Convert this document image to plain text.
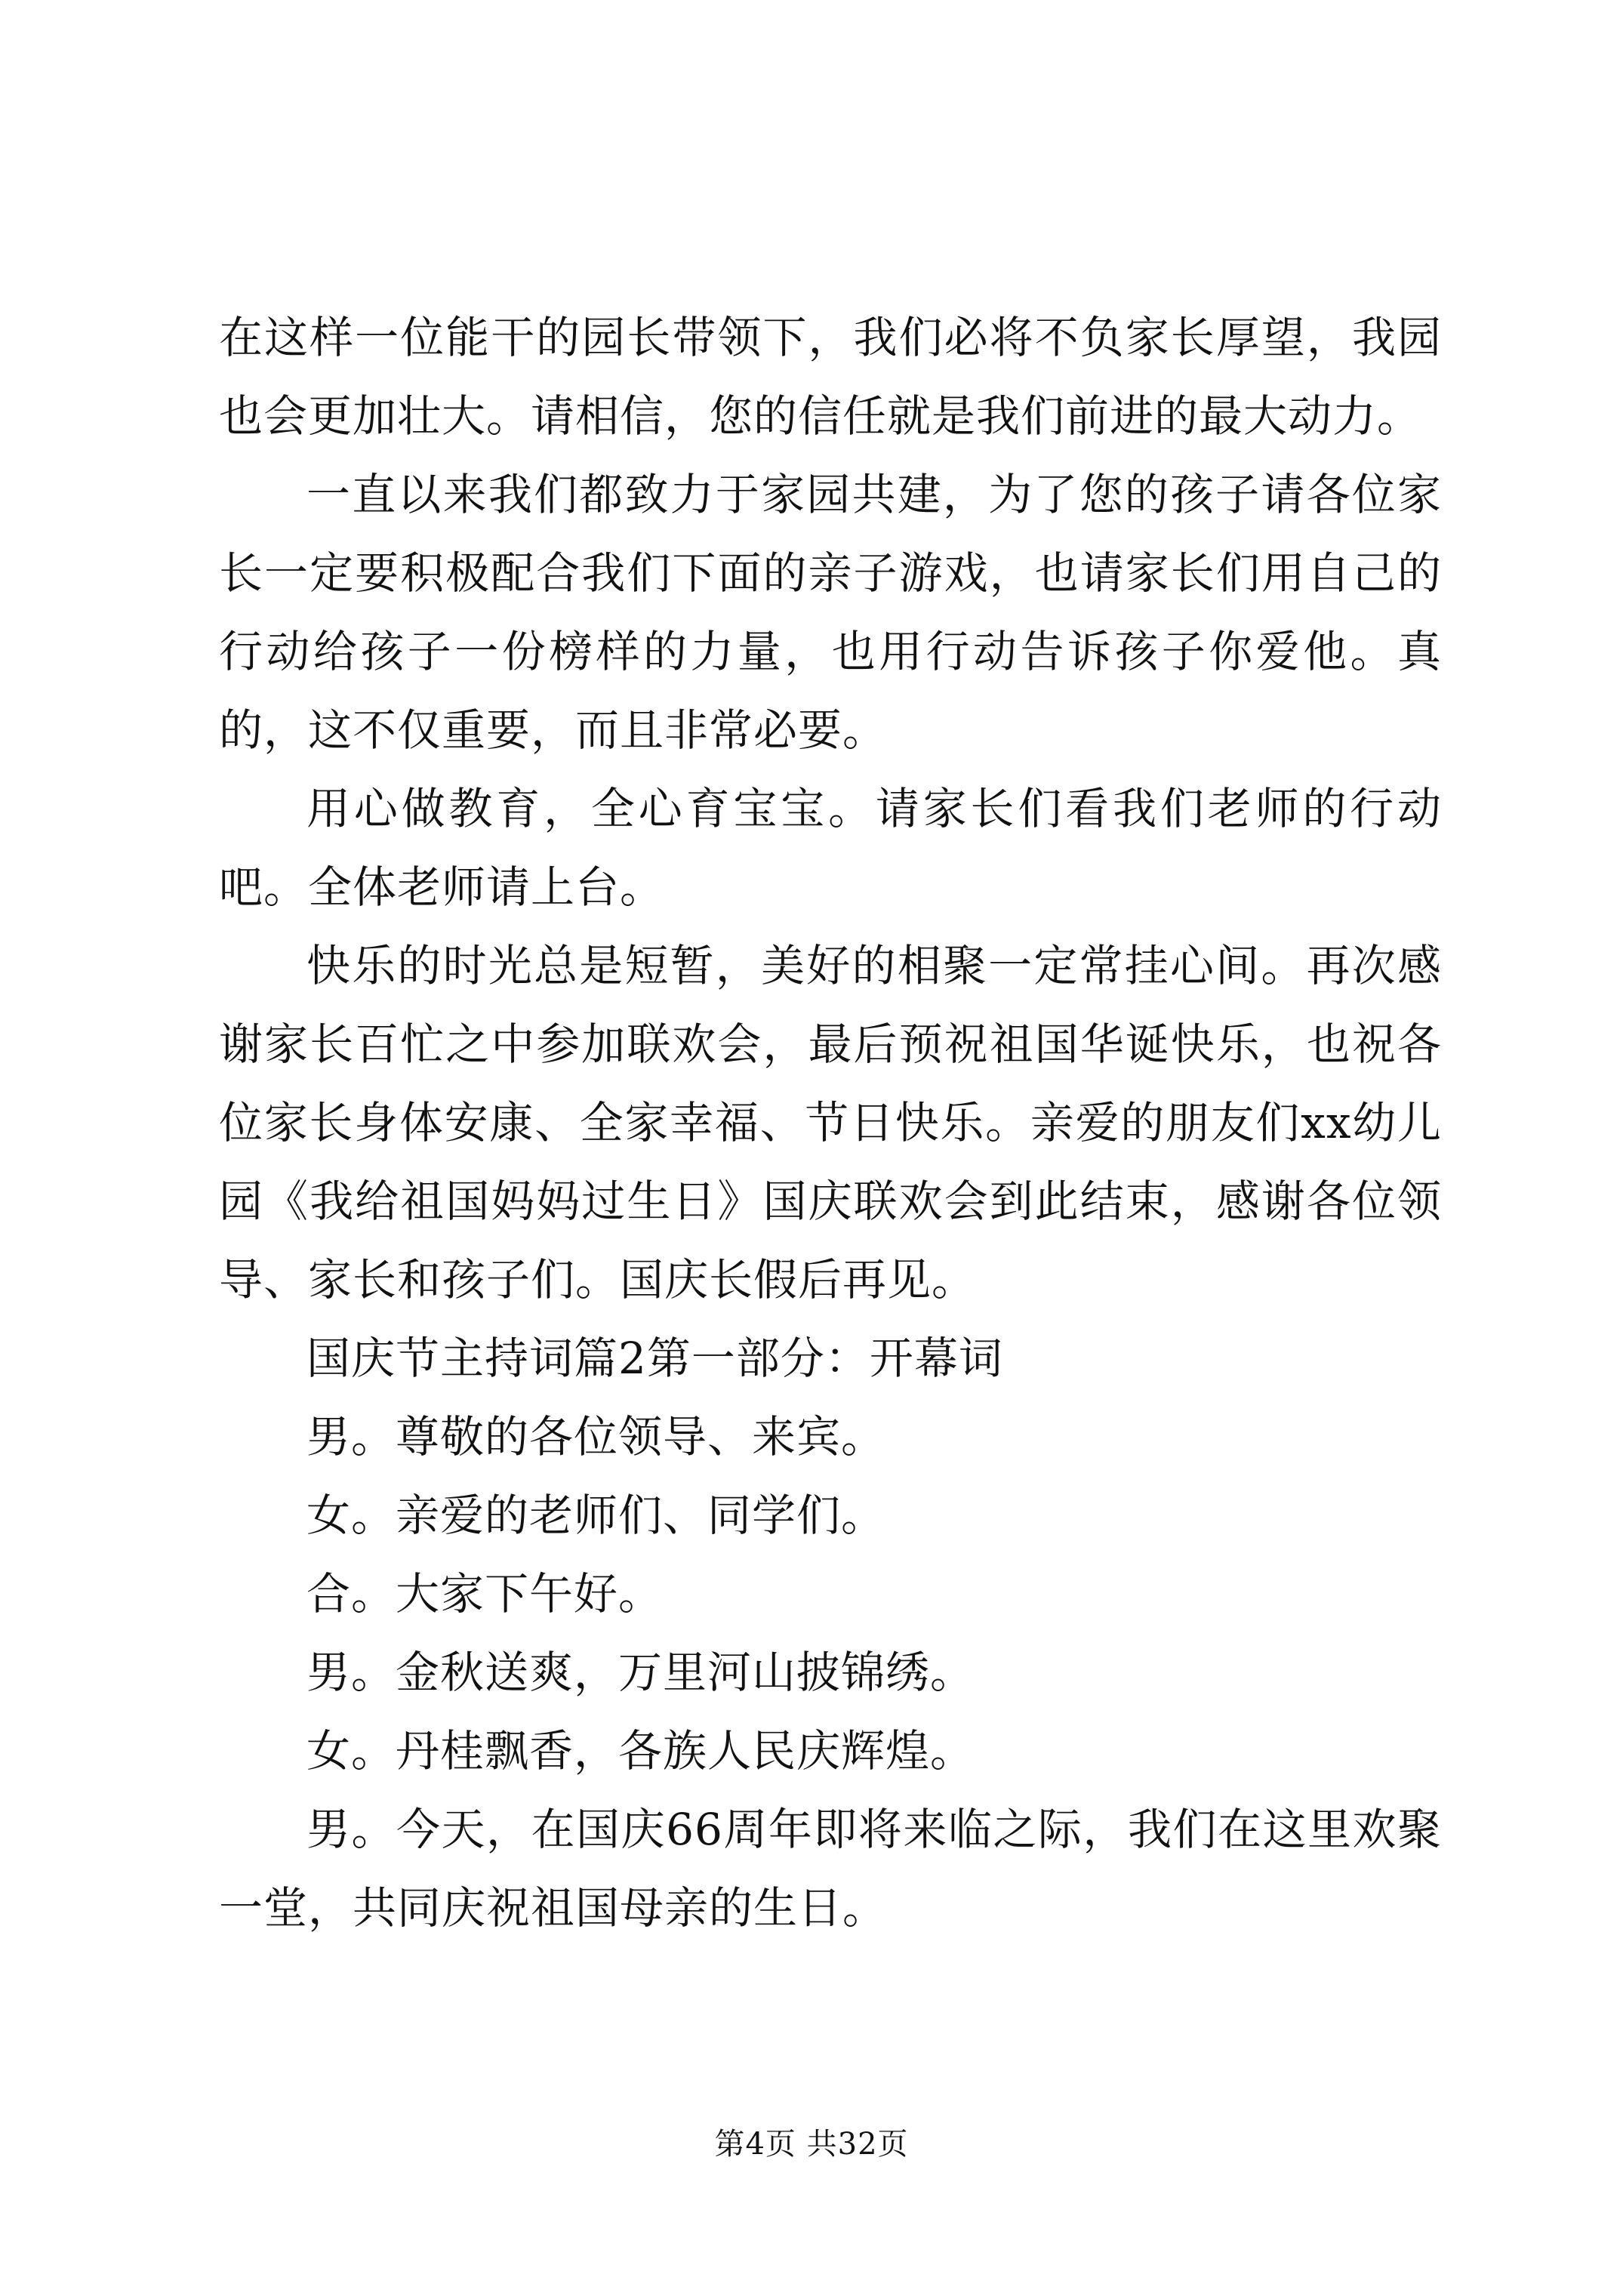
在这样一位能干的园长带领下，我们必将不负家长厚望，我园也会更加壮大。请相信，您的信任就是我们前进的最大动力。

一直以来我们都致力于家园共建，为了您的孩子请各位家长一定要积极配合我们下面的亲子游戏，也请家长们用自己的行动给孩子一份榜样的力量，也用行动告诉孩子你爱他。真的，这不仅重要，而且非常必要。

用心做教育，全心育宝宝。请家长们看我们老师的行动吧。全体老师请上台。

快乐的时光总是短暂，美好的相聚一定常挂心间。再次感谢家长百忙之中参加联欢会，最后预祝祖国华诞快乐，也祝各位家长身体安康、全家幸福、节日快乐。亲爱的朋友们xx幼儿园《我给祖国妈妈过生日》国庆联欢会到此结束，感谢各位领导、家长和孩子们。国庆长假后再见。

国庆节主持词篇2第一部分：开幕词

男。尊敬的各位领导、来宾。

女。亲爱的老师们、同学们。

合。大家下午好。

男。金秋送爽，万里河山披锦绣。

女。丹桂飘香，各族人民庆辉煌。

男。今天，在国庆66周年即将来临之际，我们在这里欢聚一堂，共同庆祝祖国母亲的生日。

第4页 共32页
